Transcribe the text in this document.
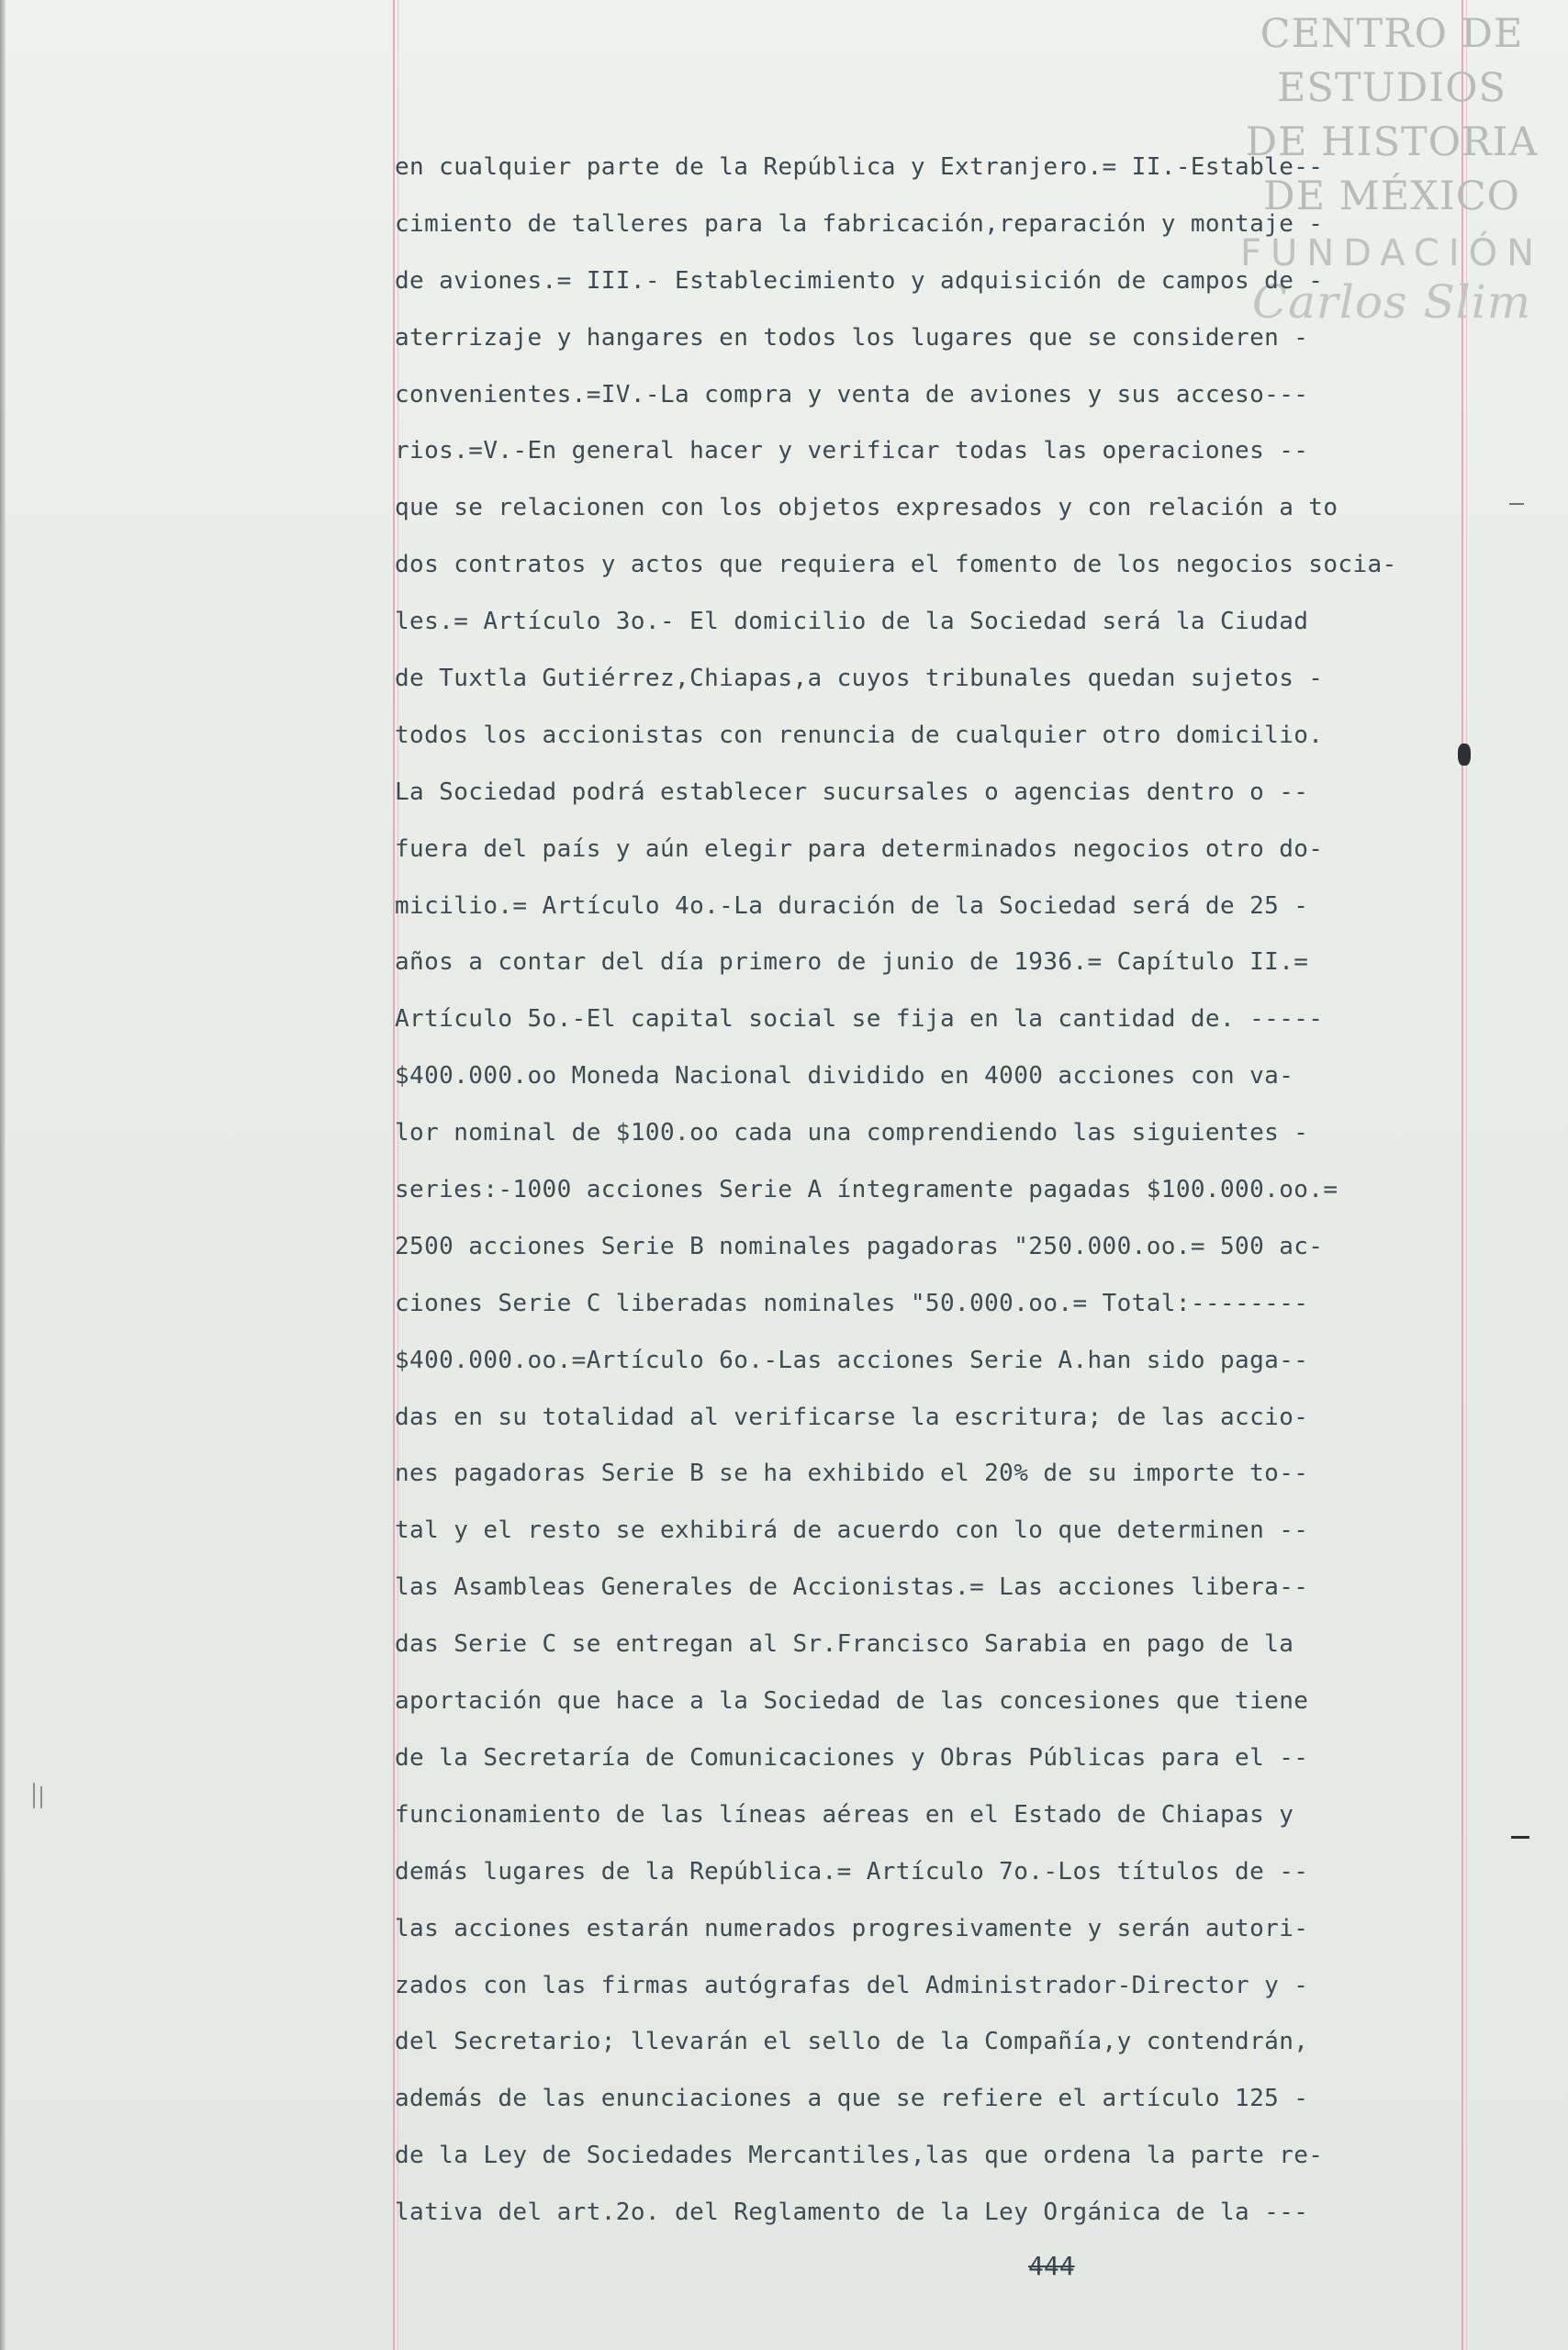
CENTRO DE
ESTUDIOS
DE HISTORIA
DE MÉXICO
FUNDACIÓN
Carlos Slim
en cualquier parte de la República y Extranjero.= II.-Estable--
cimiento de talleres para la fabricación,reparación y montaje -
de aviones.= III.- Establecimiento y adquisición de campos de -
aterrizaje y hangares en todos los lugares que se consideren -
convenientes.=IV.-La compra y venta de aviones y sus acceso---
rios.=V.-En general hacer y verificar todas las operaciones --
que se relacionen con los objetos expresados y con relación a to
dos contratos y actos que requiera el fomento de los negocios socia-
les.= Artículo 3o.- El domicilio de la Sociedad será la Ciudad
de Tuxtla Gutiérrez,Chiapas,a cuyos tribunales quedan sujetos -
todos los accionistas con renuncia de cualquier otro domicilio.
La Sociedad podrá establecer sucursales o agencias dentro o --
fuera del país y aún elegir para determinados negocios otro do-
micilio.= Artículo 4o.-La duración de la Sociedad será de 25 -
años a contar del día primero de junio de 1936.= Capítulo II.=
Artículo 5o.-El capital social se fija en la cantidad de. -----
$400.000.oo Moneda Nacional dividido en 4000 acciones con va-
lor nominal de $100.oo cada una comprendiendo las siguientes -
series:-1000 acciones Serie A íntegramente pagadas $100.000.oo.=
2500 acciones Serie B nominales pagadoras "250.000.oo.= 500 ac-
ciones Serie C liberadas nominales "50.000.oo.= Total:--------
$400.000.oo.=Artículo 6o.-Las acciones Serie A.han sido paga--
das en su totalidad al verificarse la escritura; de las accio-
nes pagadoras Serie B se ha exhibido el 20% de su importe to--
tal y el resto se exhibirá de acuerdo con lo que determinen --
las Asambleas Generales de Accionistas.= Las acciones libera--
das Serie C se entregan al Sr.Francisco Sarabia en pago de la
aportación que hace a la Sociedad de las concesiones que tiene
de la Secretaría de Comunicaciones y Obras Públicas para el --
funcionamiento de las líneas aéreas en el Estado de Chiapas y
demás lugares de la República.= Artículo 7o.-Los títulos de --
las acciones estarán numerados progresivamente y serán autori-
zados con las firmas autógrafas del Administrador-Director y -
del Secretario; llevarán el sello de la Compañía,y contendrán,
además de las enunciaciones a que se refiere el artículo 125 -
de la Ley de Sociedades Mercantiles,las que ordena la parte re-
lativa del art.2o. del Reglamento de la Ley Orgánica de la ---
444
